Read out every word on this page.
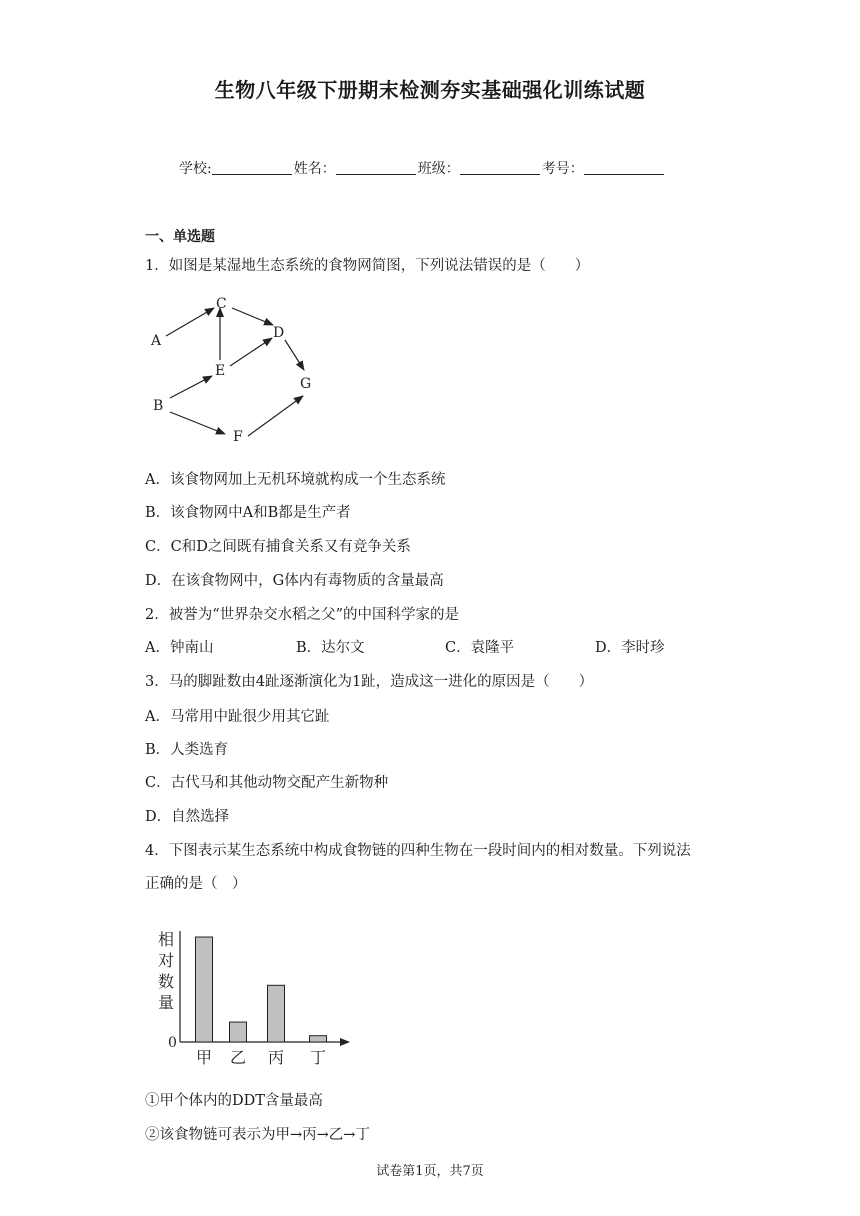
生物八年级下册期末检测夯实基础强化训练试题
学校:	姓名：	班级：	考号：
一、单选题
1．如图是某湿地生态系统的食物网简图，下列说法错误的是（　　）
A
B
C
D
E
F
G
A．该食物网加上无机环境就构成一个生态系统
B．该食物网中A和B都是生产者
C．C和D之间既有捕食关系又有竞争关系
D．在该食物网中，G体内有毒物质的含量最高
2．被誉为“世界杂交水稻之父”的中国科学家的是
A．钟南山	B．达尔文	C．袁隆平	D．李时珍
3．马的脚趾数由4趾逐渐演化为1趾，造成这一进化的原因是（　　）
A．马常用中趾很少用其它趾
B．人类选育
C．古代马和其他动物交配产生新物种
D．自然选择
4．下图表示某生态系统中构成食物链的四种生物在一段时间内的相对数量。下列说法
正确的是（　）
相
对
数
量
0
甲 乙 丙 丁
①甲个体内的DDT含量最高
②该食物链可表示为甲→丙→乙→丁
试卷第1页，共7页
